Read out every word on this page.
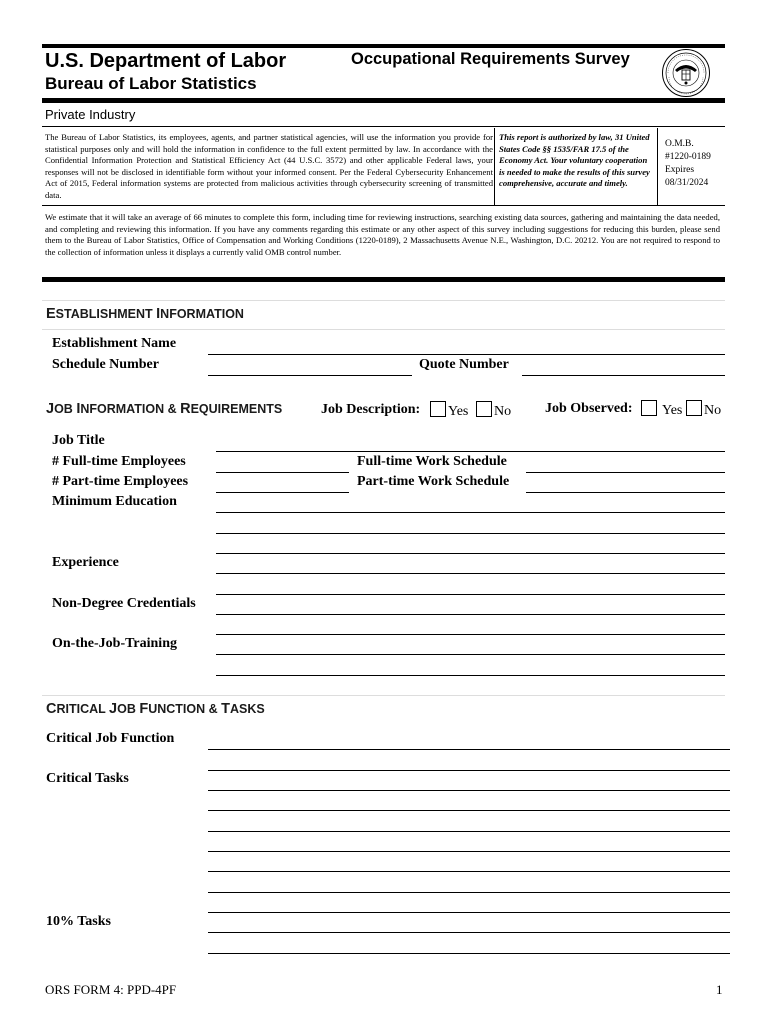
U.S. Department of Labor
Bureau of Labor Statistics
Occupational Requirements Survey
Private Industry
The Bureau of Labor Statistics, its employees, agents, and partner statistical agencies, will use the information you provide for statistical purposes only and will hold the information in confidence to the full extent permitted by law. In accordance with the Confidential Information Protection and Statistical Efficiency Act (44 U.S.C. 3572) and other applicable Federal laws, your responses will not be disclosed in identifiable form without your informed consent. Per the Federal Cybersecurity Enhancement Act of 2015, Federal information systems are protected from malicious activities through cybersecurity screening of transmitted data.
This report is authorized by law, 31 United States Code §§ 1535/FAR 17.5 of the Economy Act. Your voluntary cooperation is needed to make the results of this survey comprehensive, accurate and timely.
O.M.B.
#1220-0189
Expires
08/31/2024
We estimate that it will take an average of 66 minutes to complete this form, including time for reviewing instructions, searching existing data sources, gathering and maintaining the data needed, and completing and reviewing this information. If you have any comments regarding this estimate or any other aspect of this survey including suggestions for reducing this burden, please send them to the Bureau of Labor Statistics, Office of Compensation and Working Conditions (1220-0189), 2 Massachusetts Avenue N.E., Washington, D.C. 20212. You are not required to respond to the collection of information unless it displays a currently valid OMB control number.
ESTABLISHMENT INFORMATION
Establishment Name
Schedule Number	Quote Number
JOB INFORMATION & REQUIREMENTS	Job Description:	Yes	No Job Observed:	Yes	No
Job Title
# Full-time Employees	Full-time Work Schedule
# Part-time Employees	Part-time Work Schedule
Minimum Education
Experience
Non-Degree Credentials
On-the-Job-Training
CRITICAL JOB FUNCTION & TASKS
Critical Job Function
Critical Tasks
10% Tasks
ORS FORM 4: PPD-4PF	1
